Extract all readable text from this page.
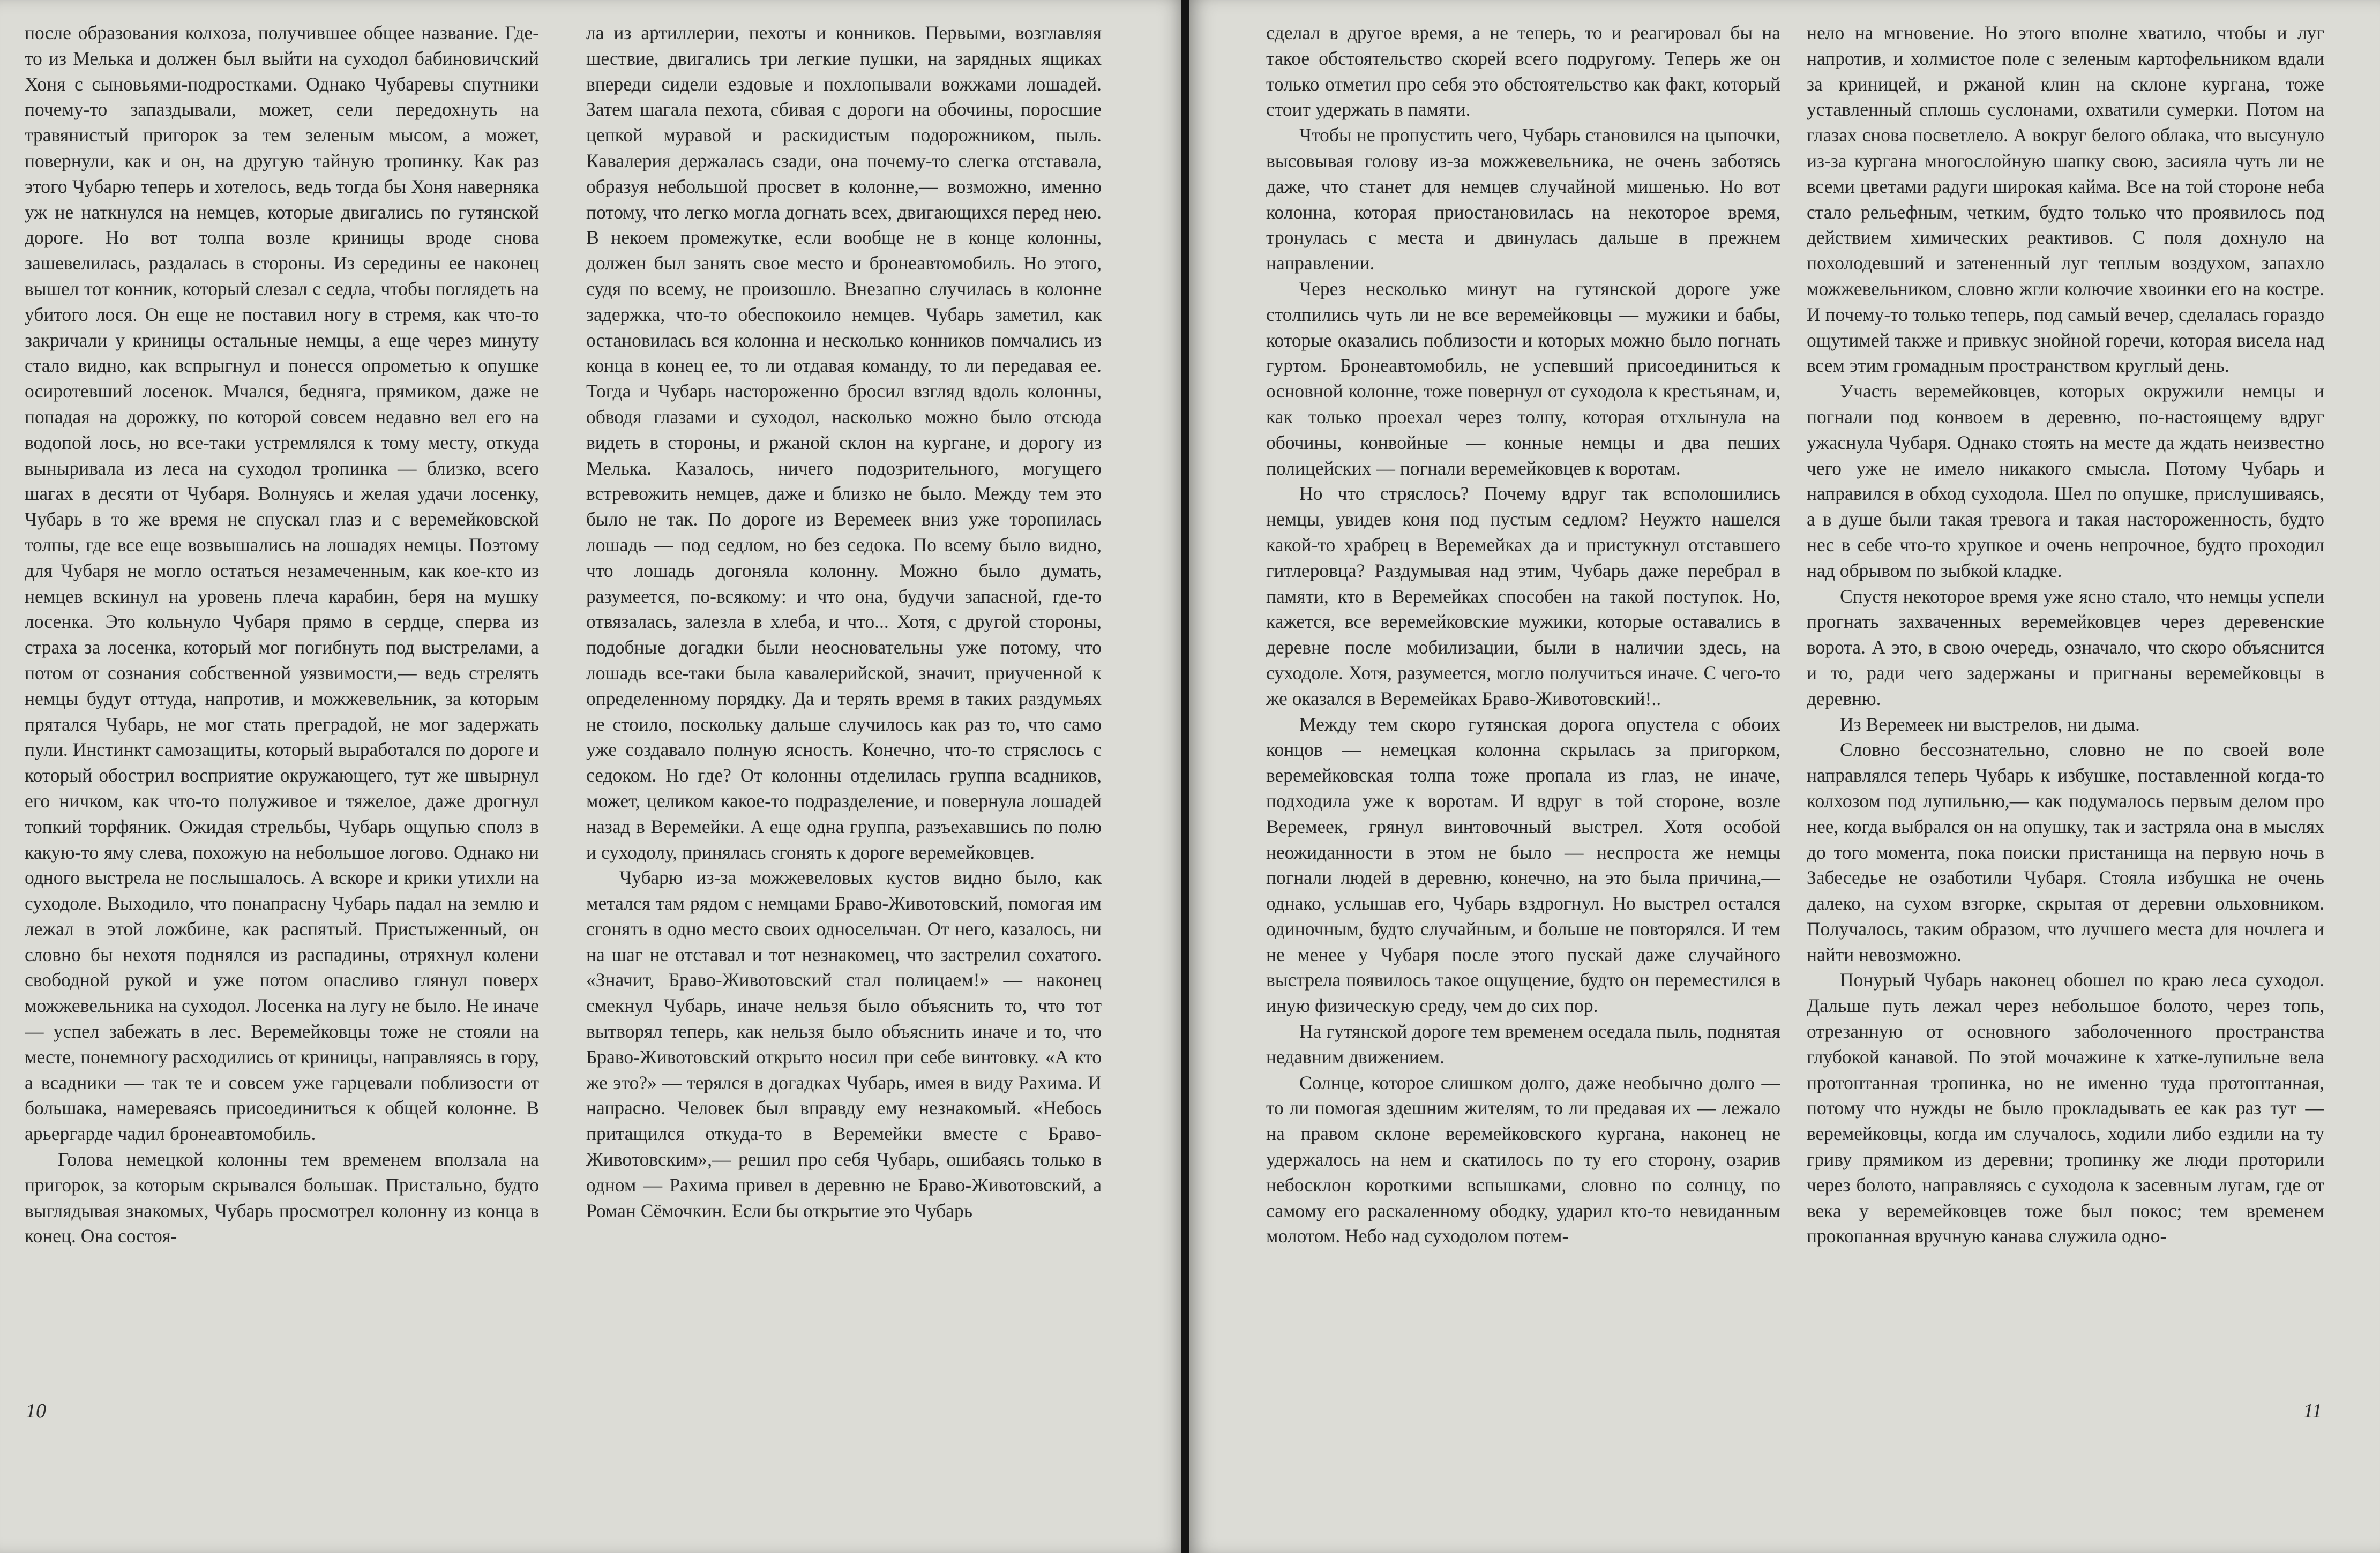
после образования колхоза, получившее общее название. Где-то из Мелька и должен был выйти на суходол бабиновичский Хоня с сыновьями-подростками. Однако Чубаревы спутники почему-то запаздывали, может, сели передохнуть на травянистый пригорок за тем зеленым мысом, а может, повернули, как и он, на другую тайную тропинку. Как раз этого Чубарю теперь и хотелось, ведь тогда бы Хоня наверняка уж не наткнулся на немцев, которые двигались по гутянской дороге. Но вот толпа возле криницы вроде снова зашевелилась, раздалась в стороны. Из середины ее наконец вышел тот конник, который слезал с седла, чтобы поглядеть на убитого лося. Он еще не поставил ногу в стремя, как что-то закричали у криницы остальные немцы, а еще через минуту стало видно, как вспрыгнул и понесся опрометью к опушке осиротевший лосенок. Мчался, бедняга, прямиком, даже не попадая на дорожку, по которой совсем недавно вел его на водопой лось, но все-таки устремлялся к тому месту, откуда выныривала из леса на суходол тропинка — близко, всего шагах в десяти от Чубаря. Волнуясь и желая удачи лосенку, Чубарь в то же время не спускал глаз и с веремейковской толпы, где все еще возвышались на лошадях немцы. Поэтому для Чубаря не могло остаться незамеченным, как кое-кто из немцев вскинул на уровень плеча карабин, беря на мушку лосенка. Это кольнуло Чубаря прямо в сердце, сперва из страха за лосенка, который мог погибнуть под выстрелами, а потом от сознания собственной уязвимости,— ведь стрелять немцы будут оттуда, напротив, и можжевельник, за которым прятался Чубарь, не мог стать преградой, не мог задержать пули. Инстинкт самозащиты, который выработался по дороге и который обострил восприятие окружающего, тут же швырнул его ничком, как что-то полуживое и тяжелое, даже дрогнул топкий торфяник. Ожидая стрельбы, Чубарь ощупью сполз в какую-то яму слева, похожую на небольшое логово. Однако ни одного выстрела не послышалось. А вскоре и крики утихли на суходоле. Выходило, что понапрасну Чубарь падал на землю и лежал в этой ложбине, как распятый. Пристыженный, он словно бы нехотя поднялся из распадины, отряхнул колени свободной рукой и уже потом опасливо глянул поверх можжевельника на суходол. Лосенка на лугу не было. Не иначе — успел забежать в лес. Веремейковцы тоже не стояли на месте, понемногу расходились от криницы, направляясь в гору, а всадники — так те и совсем уже гарцевали поблизости от большака, намереваясь присоединиться к общей колонне. В арьергарде чадил бронеавтомобиль.

Голова немецкой колонны тем временем вползала на пригорок, за которым скрывался большак. Пристально, будто выглядывая знакомых, Чубарь просмотрел колонну из конца в конец. Она состоя-

ла из артиллерии, пехоты и конников. Первыми, возглавляя шествие, двигались три легкие пушки, на зарядных ящиках впереди сидели ездовые и похлопывали вожжами лошадей. Затем шагала пехота, сбивая с дороги на обочины, поросшие цепкой муравой и раскидистым подорожником, пыль. Кавалерия держалась сзади, она почему-то слегка отставала, образуя небольшой просвет в колонне,— возможно, именно потому, что легко могла догнать всех, двигающихся перед нею. В некоем промежутке, если вообще не в конце колонны, должен был занять свое место и бронеавтомобиль. Но этого, судя по всему, не произошло. Внезапно случилась в колонне задержка, что-то обеспокоило немцев. Чубарь заметил, как остановилась вся колонна и несколько конников помчались из конца в конец ее, то ли отдавая команду, то ли передавая ее. Тогда и Чубарь настороженно бросил взгляд вдоль колонны, обводя глазами и суходол, насколько можно было отсюда видеть в стороны, и ржаной склон на кургане, и дорогу из Мелька. Казалось, ничего подозрительного, могущего встревожить немцев, даже и близко не было. Между тем это было не так. По дороге из Веремеек вниз уже торопилась лошадь — под седлом, но без седока. По всему было видно, что лошадь догоняла колонну. Можно было думать, разумеется, по-всякому: и что она, будучи запасной, где-то отвязалась, залезла в хлеба, и что... Хотя, с другой стороны, подобные догадки были неосновательны уже потому, что лошадь все-таки была кавалерийской, значит, приученной к определенному порядку. Да и терять время в таких раздумьях не стоило, поскольку дальше случилось как раз то, что само уже создавало полную ясность. Конечно, что-то стряслось с седоком. Но где? От колонны отделилась группа всадников, может, целиком какое-то подразделение, и повернула лошадей назад в Веремейки. А еще одна группа, разъехавшись по полю и суходолу, принялась сгонять к дороге веремейковцев.

Чубарю из-за можжевеловых кустов видно было, как метался там рядом с немцами Браво-Животовский, помогая им сгонять в одно место своих односельчан. От него, казалось, ни на шаг не отставал и тот незнакомец, что застрелил сохатого. «Значит, Браво-Животовский стал полицаем!» — наконец смекнул Чубарь, иначе нельзя было объяснить то, что тот вытворял теперь, как нельзя было объяснить иначе и то, что Браво-Животовский открыто носил при себе винтовку. «А кто же это?» — терялся в догадках Чубарь, имея в виду Рахима. И напрасно. Человек был вправду ему незнакомый. «Небось притащился откуда-то в Веремейки вместе с Браво-Животовским»,— решил про себя Чубарь, ошибаясь только в одном — Рахима привел в деревню не Браво-Животовский, а Роман Сёмочкин. Если бы открытие это Чубарь

10

сделал в другое время, а не теперь, то и реагировал бы на такое обстоятельство скорей всего подругому. Теперь же он только отметил про себя это обстоятельство как факт, который стоит удержать в памяти.

Чтобы не пропустить чего, Чубарь становился на цыпочки, высовывая голову из-за можжевельника, не очень заботясь даже, что станет для немцев случайной мишенью. Но вот колонна, которая приостановилась на некоторое время, тронулась с места и двинулась дальше в прежнем направлении.

Через несколько минут на гутянской дороге уже столпились чуть ли не все веремейковцы — мужики и бабы, которые оказались поблизости и которых можно было погнать гуртом. Бронеавтомобиль, не успевший присоединиться к основной колонне, тоже повернул от суходола к крестьянам, и, как только проехал через толпу, которая отхлынула на обочины, конвойные — конные немцы и два пеших полицейских — погнали веремейковцев к воротам.

Но что стряслось? Почему вдруг так всполошились немцы, увидев коня под пустым седлом? Неужто нашелся какой-то храбрец в Веремейках да и пристукнул отставшего гитлеровца? Раздумывая над этим, Чубарь даже перебрал в памяти, кто в Веремейках способен на такой поступок. Но, кажется, все веремейковские мужики, которые оставались в деревне после мобилизации, были в наличии здесь, на суходоле. Хотя, разумеется, могло получиться иначе. С чего-то же оказался в Веремейках Браво-Животовский!..

Между тем скоро гутянская дорога опустела с обоих концов — немецкая колонна скрылась за пригорком, веремейковская толпа тоже пропала из глаз, не иначе, подходила уже к воротам. И вдруг в той стороне, возле Веремеек, грянул винтовочный выстрел. Хотя особой неожиданности в этом не было — неспроста же немцы погнали людей в деревню, конечно, на это была причина,— однако, услышав его, Чубарь вздрогнул. Но выстрел остался одиночным, будто случайным, и больше не повторялся. И тем не менее у Чубаря после этого пускай даже случайного выстрела появилось такое ощущение, будто он переместился в иную физическую среду, чем до сих пор.

На гутянской дороге тем временем оседала пыль, поднятая недавним движением.

Солнце, которое слишком долго, даже необычно долго — то ли помогая здешним жителям, то ли предавая их — лежало на правом склоне веремейковского кургана, наконец не удержалось на нем и скатилось по ту его сторону, озарив небосклон короткими вспышками, словно по солнцу, по самому его раскаленному ободку, ударил кто-то невиданным молотом. Небо над суходолом потем-

нело на мгновение. Но этого вполне хватило, чтобы и луг напротив, и холмистое поле с зеленым картофельником вдали за криницей, и ржаной клин на склоне кургана, тоже уставленный сплошь суслонами, охватили сумерки. Потом на глазах снова посветлело. А вокруг белого облака, что высунуло из-за кургана многослойную шапку свою, засияла чуть ли не всеми цветами радуги широкая кайма. Все на той стороне неба стало рельефным, четким, будто только что проявилось под действием химических реактивов. С поля дохнуло на похолодевший и затененный луг теплым воздухом, запахло можжевельником, словно жгли колючие хвоинки его на костре. И почему-то только теперь, под самый вечер, сделалась гораздо ощутимей также и привкус знойной горечи, которая висела над всем этим громадным пространством круглый день.

Участь веремейковцев, которых окружили немцы и погнали под конвоем в деревню, по-настоящему вдруг ужаснула Чубаря. Однако стоять на месте да ждать неизвестно чего уже не имело никакого смысла. Потому Чубарь и направился в обход суходола. Шел по опушке, прислушиваясь, а в душе были такая тревога и такая настороженность, будто нес в себе что-то хрупкое и очень непрочное, будто проходил над обрывом по зыбкой кладке.

Спустя некоторое время уже ясно стало, что немцы успели прогнать захваченных веремейковцев через деревенские ворота. А это, в свою очередь, означало, что скоро объяснится и то, ради чего задержаны и пригнаны веремейковцы в деревню.

Из Веремеек ни выстрелов, ни дыма.

Словно бессознательно, словно не по своей воле направлялся теперь Чубарь к избушке, поставленной когда-то колхозом под лупильню,— как подумалось первым делом про нее, когда выбрался он на опушку, так и застряла она в мыслях до того момента, пока поиски пристанища на первую ночь в Забеседье не озаботили Чубаря. Стояла избушка не очень далеко, на сухом взгорке, скрытая от деревни ольховником. Получалось, таким образом, что лучшего места для ночлега и найти невозможно.

Понурый Чубарь наконец обошел по краю леса суходол. Дальше путь лежал через небольшое болото, через топь, отрезанную от основного заболоченного пространства глубокой канавой. По этой мочажине к хатке-лупильне вела протоптанная тропинка, но не именно туда протоптанная, потому что нужды не было прокладывать ее как раз тут — веремейковцы, когда им случалось, ходили либо ездили на ту гриву прямиком из деревни; тропинку же люди проторили через болото, направляясь с суходола к засевным лугам, где от века у веремейковцев тоже был покос; тем временем прокопанная вручную канава служила одно-

11
